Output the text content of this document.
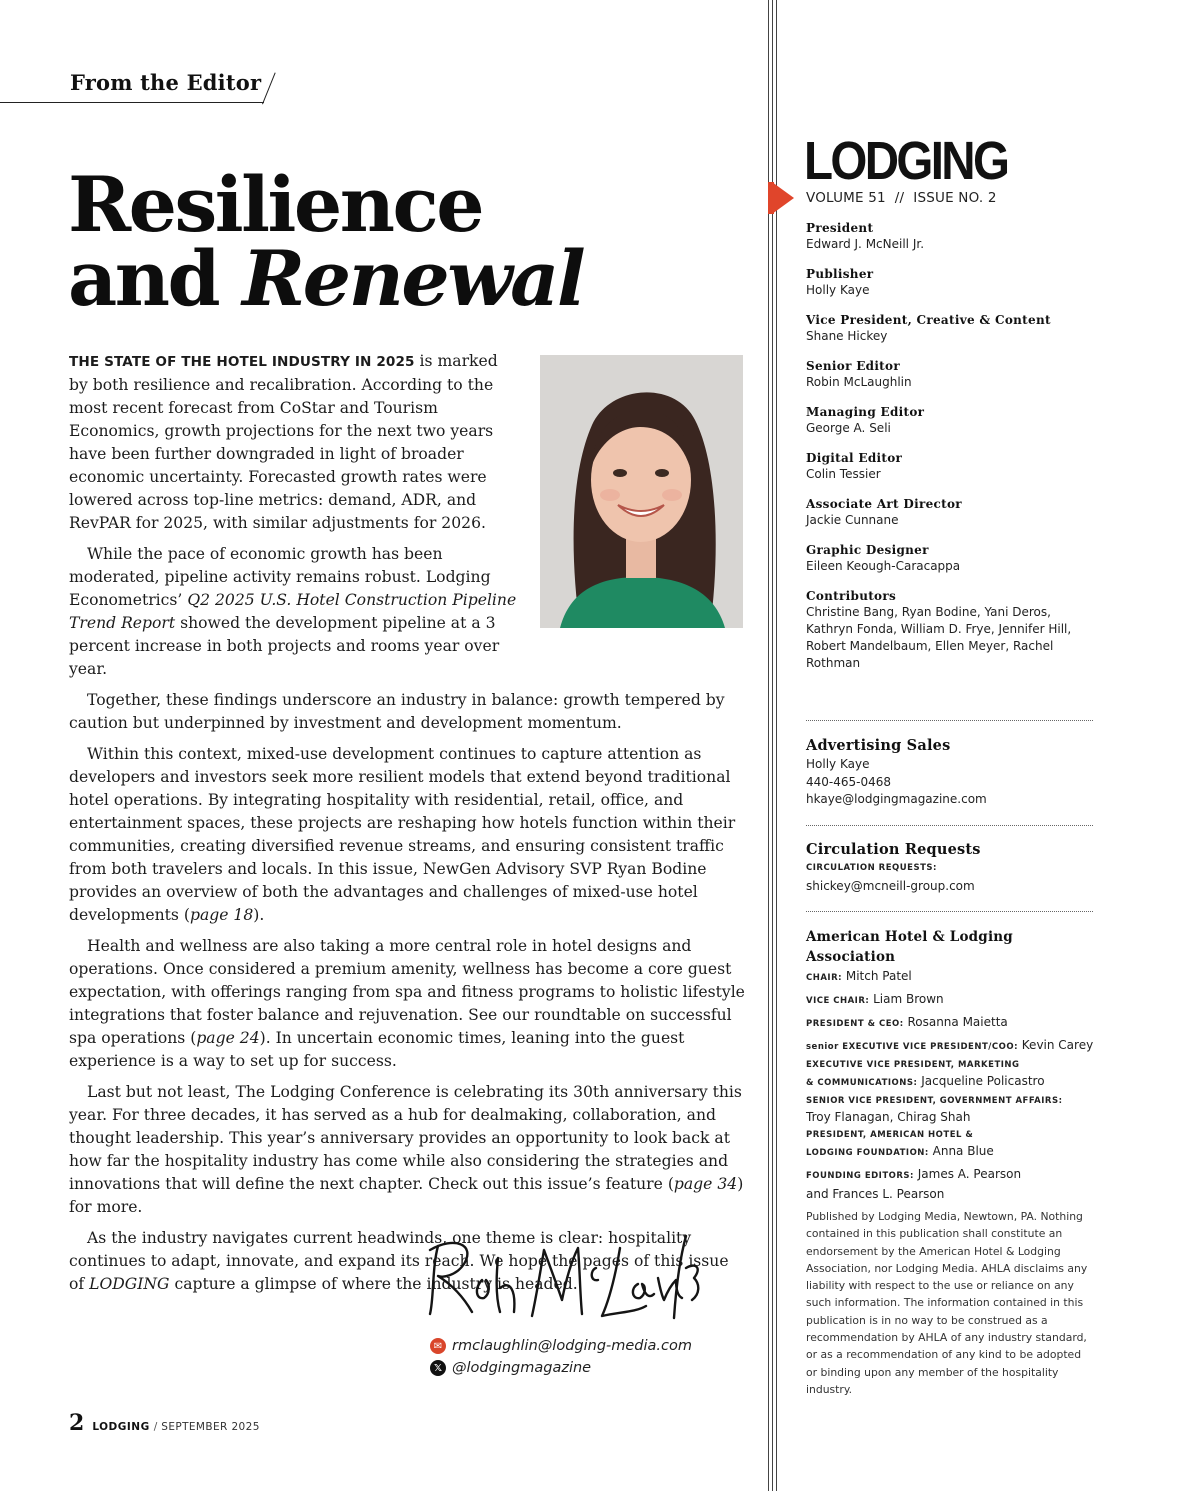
From the Editor
Resilience
and Renewal

THE STATE OF THE HOTEL INDUSTRY IN 2025 is marked by both resilience and recalibration. According to the most recent forecast from CoStar and Tourism Economics, growth projections for the next two years have been further downgraded in light of broader economic uncertainty. Forecasted growth rates were lowered across top-line metrics: demand, ADR, and RevPAR for 2025, with similar adjustments for 2026.

While the pace of economic growth has been moderated, pipeline activity remains robust. Lodging Econometrics’ Q2 2025 U.S. Hotel Construction Pipeline Trend Report showed the development pipeline at a 3 percent increase in both projects and rooms year over year.

Together, these findings underscore an industry in balance: growth tempered by caution but underpinned by investment and development momentum.

Within this context, mixed-use development continues to capture attention as developers and investors seek more resilient models that extend beyond traditional hotel operations. By integrating hospitality with residential, retail, office, and entertainment spaces, these projects are reshaping how hotels function within their communities, creating diversified revenue streams, and ensuring consistent traffic from both travelers and locals. In this issue, NewGen Advisory SVP Ryan Bodine provides an overview of both the advantages and challenges of mixed-use hotel developments (page 18).

Health and wellness are also taking a more central role in hotel designs and operations. Once considered a premium amenity, wellness has become a core guest expectation, with offerings ranging from spa and fitness programs to holistic lifestyle integrations that foster balance and rejuvenation. See our roundtable on successful spa operations (page 24). In uncertain economic times, leaning into the guest experience is a way to set up for success.

Last but not least, The Lodging Conference is celebrating its 30th anniversary this year. For three decades, it has served as a hub for dealmaking, collaboration, and thought leadership. This year’s anniversary provides an opportunity to look back at how far the hospitality industry has come while also considering the strategies and innovations that will define the next chapter. Check out this issue’s feature (page 34) for more.

As the industry navigates current headwinds, one theme is clear: hospitality continues to adapt, innovate, and expand its reach. We hope the pages of this issue of LODGING capture a glimpse of where the industry is headed.

✉ rmclaughlin@lodging-media.com
𝕏 @lodgingmagazine
2 LODGING / SEPTEMBER 2025
LODGING
VOLUME 51  //  ISSUE NO. 2
President
Edward J. McNeill Jr.
Publisher
Holly Kaye
Vice President, Creative & Content
Shane Hickey
Senior Editor
Robin McLaughlin
Managing Editor
George A. Seli
Digital Editor
Colin Tessier
Associate Art Director
Jackie Cunnane
Graphic Designer
Eileen Keough-Caracappa
Contributors
Christine Bang, Ryan Bodine, Yani Deros,
Kathryn Fonda, William D. Frye, Jennifer Hill,
Robert Mandelbaum, Ellen Meyer, Rachel Rothman
Advertising Sales
Holly Kaye
440-465-0468
hkaye@lodgingmagazine.com
Circulation Requests
CIRCULATION REQUESTS:
shickey@mcneill-group.com
American Hotel & Lodging Association
CHAIR: Mitch Patel
VICE CHAIR: Liam Brown
PRESIDENT & CEO: Rosanna Maietta
senior EXECUTIVE VICE PRESIDENT/COO: Kevin Carey
EXECUTIVE VICE PRESIDENT, MARKETING
& COMMUNICATIONS: Jacqueline Policastro
SENIOR VICE PRESIDENT, GOVERNMENT AFFAIRS:
Troy Flanagan, Chirag Shah
PRESIDENT, AMERICAN HOTEL &
LODGING FOUNDATION: Anna Blue
FOUNDING EDITORS: James A. Pearson
and Frances L. Pearson
Published by Lodging Media, Newtown, PA. Nothing contained in this publication shall constitute an endorsement by the American Hotel & Lodging Association, nor Lodging Media. AHLA disclaims any liability with respect to the use or reliance on any such information. The information contained in this publication is in no way to be construed as a recommendation by AHLA of any industry standard, or as a recommendation of any kind to be adopted or binding upon any member of the hospitality industry.
